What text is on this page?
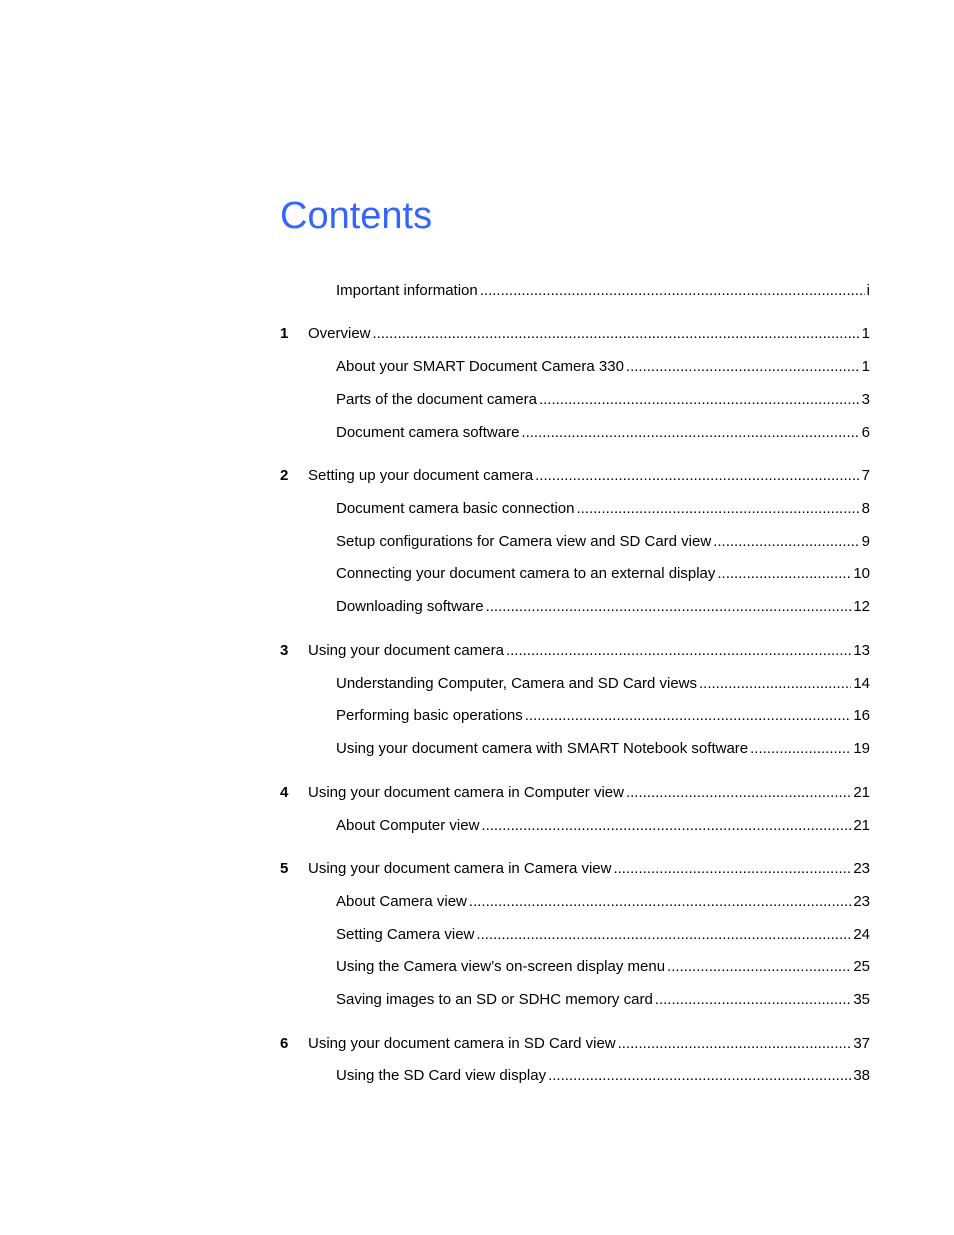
Contents
Important information .....	i
1	Overview .....	1
About your SMART Document Camera 330 .....	1
Parts of the document camera .....	3
Document camera software .....	6
2	Setting up your document camera .....	7
Document camera basic connection .....	8
Setup configurations for Camera view and SD Card view .....	9
Connecting your document camera to an external display .....	10
Downloading software .....	12
3	Using your document camera .....	13
Understanding Computer, Camera and SD Card views .....	14
Performing basic operations .....	16
Using your document camera with SMART Notebook software .....	19
4	Using your document camera in Computer view .....	21
About Computer view .....	21
5	Using your document camera in Camera view .....	23
About Camera view .....	23
Setting Camera view .....	24
Using the Camera view’s on-screen display menu .....	25
Saving images to an SD or SDHC memory card .....	35
6	Using your document camera in SD Card view .....	37
Using the SD Card view display .....	38
